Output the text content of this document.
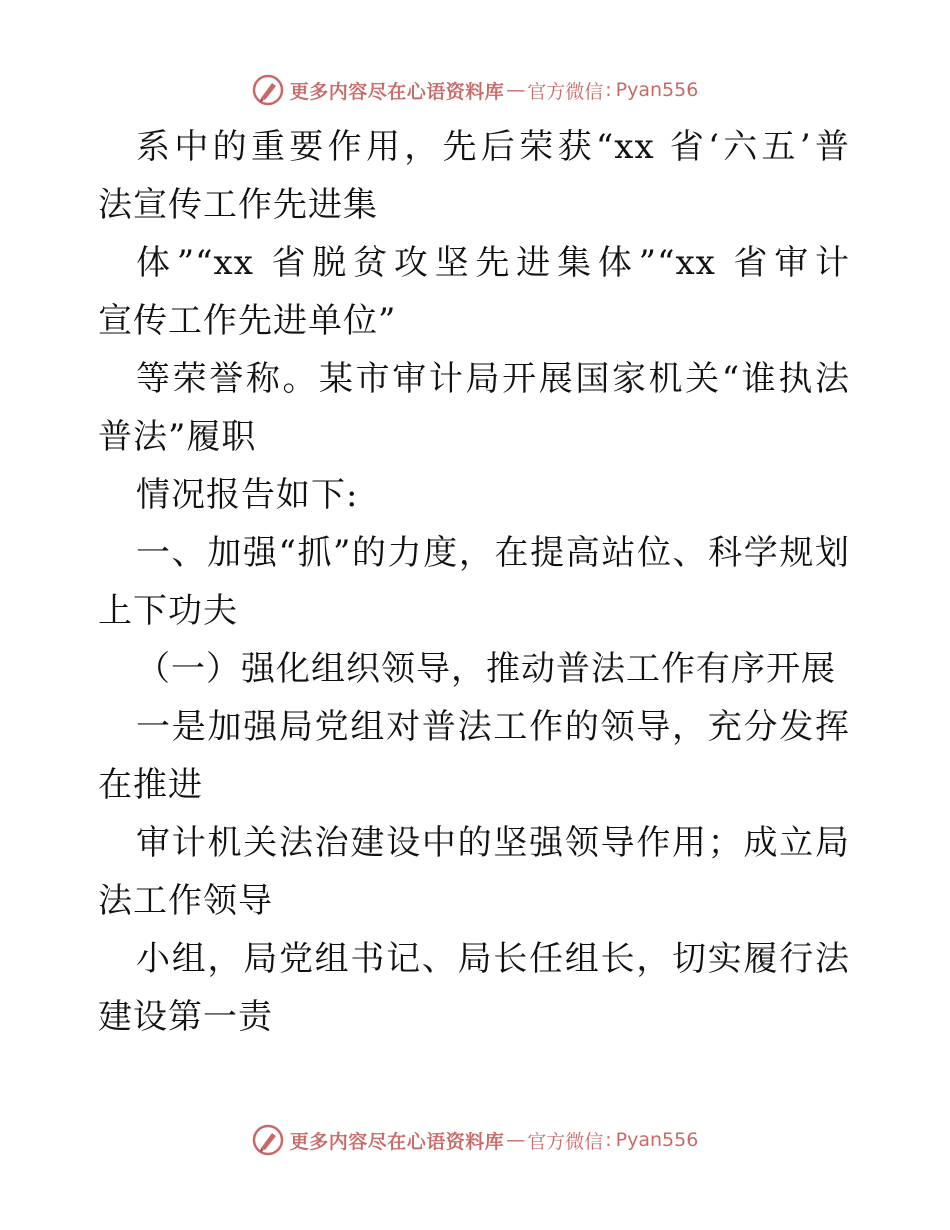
更多内容尽在心语资料库 — 官方微信 : Pyan556
系中的重要作用，先后荣获“xx 省‘六五’普
法宣传工作先进集
体”“xx 省脱贫攻坚先进集体”“xx 省审计
宣传工作先进单位”
等荣誉称。某市审计局开展国家机关“谁执法
普法”履职
情况报告如下:
一、加强“抓”的力度，在提高站位、科学规划
上下功夫
（一）强化组织领导，推动普法工作有序开展
一是加强局党组对普法工作的领导，充分发挥
在推进
审计机关法治建设中的坚强领导作用；成立局
法工作领导
小组，局党组书记、局长任组长，切实履行法
建设第一责
更多内容尽在心语资料库 — 官方微信 : Pyan556
